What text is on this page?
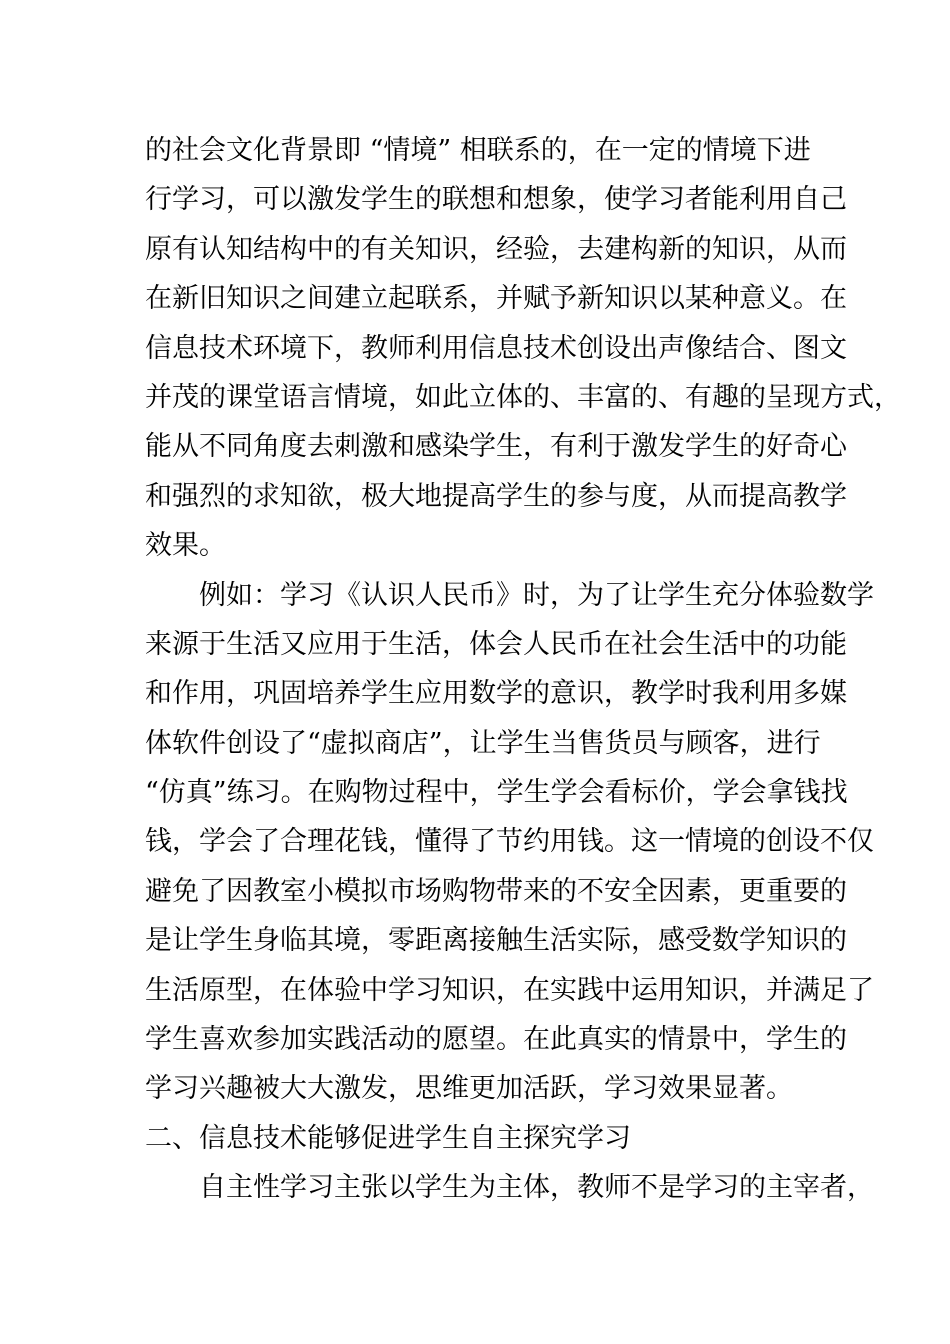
的社会文化背景即 “情境” 相联系的，在一定的情境下进
行学习，可以激发学生的联想和想象，使学习者能利用自己
原有认知结构中的有关知识，经验，去建构新的知识，从而
在新旧知识之间建立起联系，并赋予新知识以某种意义。在
信息技术环境下，教师利用信息技术创设出声像结合、图文
并茂的课堂语言情境，如此立体的、丰富的、有趣的呈现方式，
能从不同角度去刺激和感染学生，有利于激发学生的好奇心
和强烈的求知欲，极大地提高学生的参与度，从而提高教学
效果。
例如：学习《认识人民币》时，为了让学生充分体验数学
来源于生活又应用于生活，体会人民币在社会生活中的功能
和作用，巩固培养学生应用数学的意识，教学时我利用多媒
体软件创设了“虚拟商店”，让学生当售货员与顾客，进行
“仿真”练习。在购物过程中，学生学会看标价，学会拿钱找
钱，学会了合理花钱，懂得了节约用钱。这一情境的创设不仅
避免了因教室小模拟市场购物带来的不安全因素，更重要的
是让学生身临其境，零距离接触生活实际，感受数学知识的
生活原型，在体验中学习知识，在实践中运用知识，并满足了
学生喜欢参加实践活动的愿望。在此真实的情景中，学生的
学习兴趣被大大激发，思维更加活跃，学习效果显著。
二、信息技术能够促进学生自主探究学习
自主性学习主张以学生为主体，教师不是学习的主宰者，
